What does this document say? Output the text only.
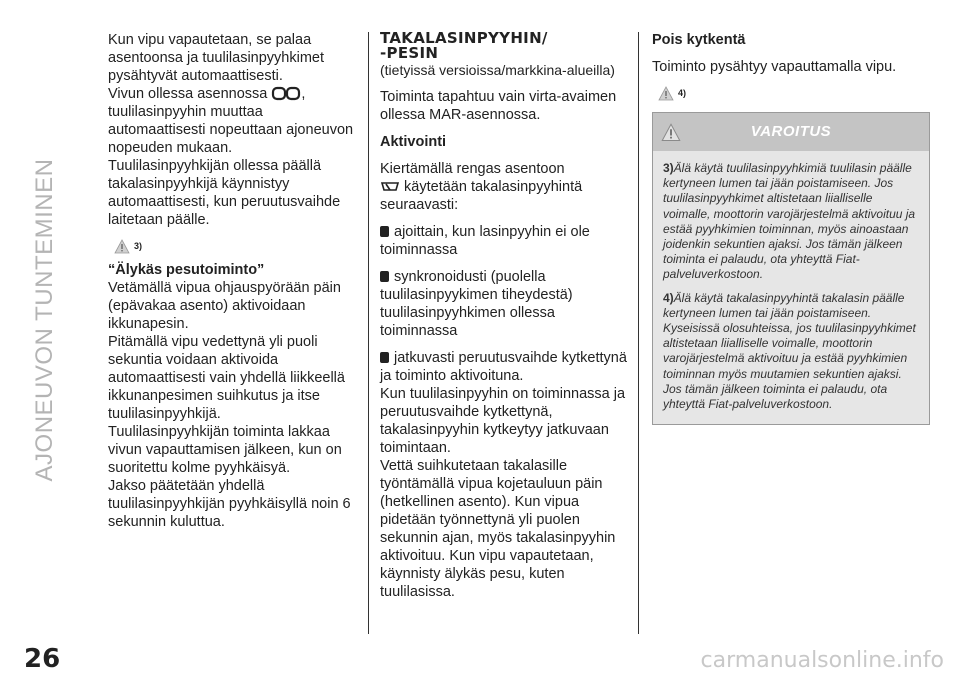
AJONEUVON TUNTEMINEN
26	carmanualsonline.info

Kun vipu vapautetaan, se palaa asentoonsa ja tuulilasinpyyhkimet pysähtyvät automaattisesti.

Vivun ollessa asennossa , tuulilasinpyyhin muuttaa automaattisesti nopeuttaan ajoneuvon nopeuden mukaan.

Tuulilasinpyyhkijän ollessa päällä takalasinpyyhkijä käynnistyy automaattisesti, kun peruutusvaihde laitetaan päälle.

3)

“Älykäs pesutoiminto”

Vetämällä vipua ohjauspyörään päin (epävakaa asento) aktivoidaan ikkunapesin.

Pitämällä vipu vedettynä yli puoli sekuntia voidaan aktivoida automaattisesti vain yhdellä liikkeellä ikkunanpesimen suihkutus ja itse tuulilasinpyyhkijä.

Tuulilasinpyyhkijän toiminta lakkaa vivun vapauttamisen jälkeen, kun on suoritettu kolme pyyhkäisyä.

Jakso päätetään yhdellä tuulilasinpyyhkijän pyyhkäisyllä noin 6 sekunnin kuluttua.

TAKALASINPYYHIN/

-PESIN

(tietyissä versioissa/markkina-alueilla)

Toiminta tapahtuu vain virta-avaimen ollessa MAR-asennossa.

Aktivointi

Kiertämällä rengas asentoon
käytetään takalasinpyyhintä seuraavasti:

ajoittain, kun lasinpyyhin ei ole toiminnassa

synkronoidusti (puolella tuulilasinpyykimen tiheydestä) tuulilasinpyyhkimen ollessa toiminnassa

jatkuvasti peruutusvaihde kytkettynä ja toiminto aktivoituna.

Kun tuulilasinpyyhin on toiminnassa ja peruutusvaihde kytkettynä, takalasinpyyhin kytkeytyy jatkuvaan toimintaan.

Vettä suihkutetaan takalasille työntämällä vipua kojetauluun päin (hetkellinen asento). Kun vipua pidetään työnnettynä yli puolen sekunnin ajan, myös takalasinpyyhin aktivoituu. Kun vipu vapautetaan, käynnisty älykäs pesu, kuten tuulilasissa.

Pois kytkentä

Toiminto pysähtyy vapauttamalla vipu.

4)
VAROITUS

3)Älä käytä tuulilasinpyyhkimiä tuulilasin päälle kertyneen lumen tai jään poistamiseen. Jos tuulilasinpyyhkimet altistetaan liialliselle voimalle, moottorin varojärjestelmä aktivoituu ja estää pyyhkimien toiminnan, myös ainoastaan joidenkin sekuntien ajaksi. Jos tämän jälkeen toiminta ei palaudu, ota yhteyttä Fiat-palveluverkostoon.

4)Älä käytä takalasinpyyhintä takalasin päälle kertyneen lumen tai jään poistamiseen. Kyseisissä olosuhteissa, jos tuulilasinpyyhkimet altistetaan liialliselle voimalle, moottorin varojärjestelmä aktivoituu ja estää pyyhkimien toiminnan myös muutamien sekuntien ajaksi. Jos tämän jälkeen toiminta ei palaudu, ota yhteyttä Fiat-palveluverkostoon.
